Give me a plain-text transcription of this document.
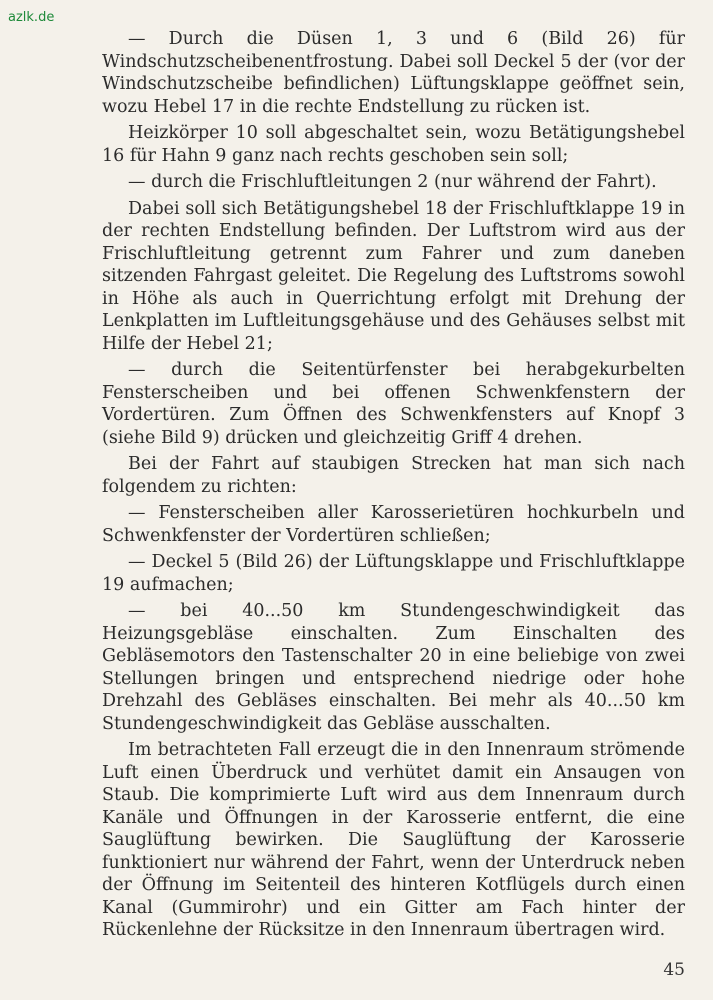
azlk.de

— Durch die Düsen 1, 3 und 6 (Bild 26) für Windschutzscheibenentfrostung. Dabei soll Deckel 5 der (vor der Windschutzscheibe befindlichen) Lüftungsklappe geöffnet sein, wozu Hebel 17 in die rechte Endstellung zu rücken ist.

Heizkörper 10 soll abgeschaltet sein, wozu Betätigungshebel 16 für Hahn 9 ganz nach rechts geschoben sein soll;

— durch die Frischluftleitungen 2 (nur während der Fahrt).

Dabei soll sich Betätigungshebel 18 der Frischluftklappe 19 in der rechten Endstellung befinden. Der Luftstrom wird aus der Frischluftleitung getrennt zum Fahrer und zum daneben sitzenden Fahrgast geleitet. Die Regelung des Luftstroms sowohl in Höhe als auch in Querrichtung erfolgt mit Drehung der Lenkplatten im Luftleitungsgehäuse und des Gehäuses selbst mit Hilfe der Hebel 21;

— durch die Seitentürfenster bei herabgekurbelten Fensterscheiben und bei offenen Schwenkfenstern der Vordertüren. Zum Öffnen des Schwenkfensters auf Knopf 3 (siehe Bild 9) drücken und gleichzeitig Griff 4 drehen.

Bei der Fahrt auf staubigen Strecken hat man sich nach folgendem zu richten:

— Fensterscheiben aller Karosserietüren hochkurbeln und Schwenkfenster der Vordertüren schließen;

— Deckel 5 (Bild 26) der Lüftungsklappe und Frischluftklappe 19 aufmachen;

— bei 40...50 km Stundengeschwindigkeit das Heizungsgebläse einschalten. Zum Einschalten des Gebläsemotors den Tastenschalter 20 in eine beliebige von zwei Stellungen bringen und entsprechend niedrige oder hohe Drehzahl des Gebläses einschalten. Bei mehr als 40...50 km Stundengeschwindigkeit das Gebläse ausschalten.

Im betrachteten Fall erzeugt die in den Innenraum strömende Luft einen Überdruck und verhütet damit ein Ansaugen von Staub. Die komprimierte Luft wird aus dem Innenraum durch Kanäle und Öffnungen in der Karosserie entfernt, die eine Sauglüftung bewirken. Die Sauglüftung der Karosserie funktioniert nur während der Fahrt, wenn der Unterdruck neben der Öffnung im Seitenteil des hinteren Kotflügels durch einen Kanal (Gummirohr) und ein Gitter am Fach hinter der Rückenlehne der Rücksitze in den Innenraum übertragen wird.

45
